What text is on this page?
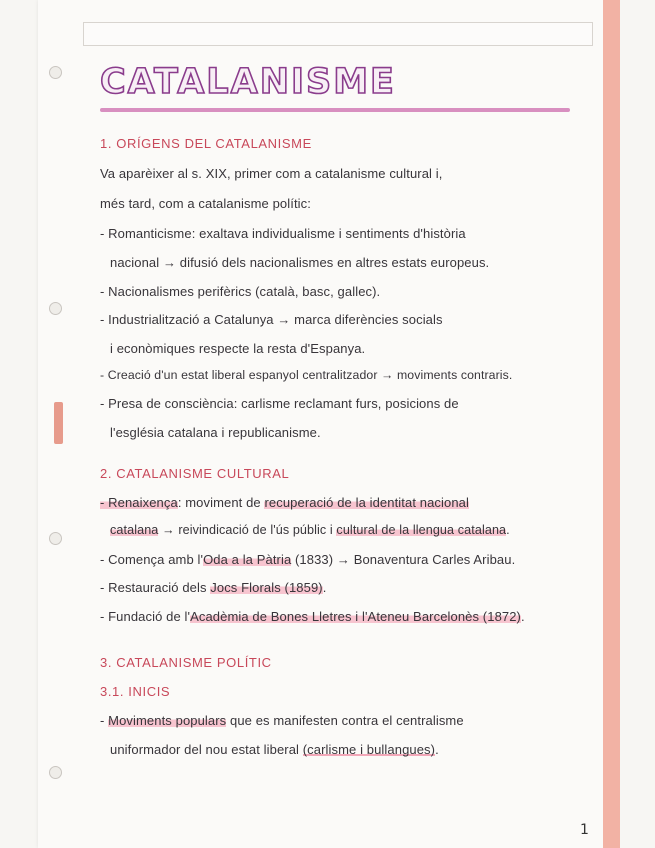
CATALANISME

1. ORÍGENS DEL CATALANISME

Va aparèixer al s. XIX, primer com a catalanisme cultural i,

més tard, com a catalanisme polític:

- Romanticisme: exaltava individualisme i sentiments d'història

nacional → difusió dels nacionalismes en altres estats europeus.

- Nacionalismes perifèrics (català, basc, gallec).

- Industrialització a Catalunya → marca diferències socials

i econòmiques respecte la resta d'Espanya.

- Creació d'un estat liberal espanyol centralitzador → moviments contraris.

- Presa de consciència: carlisme reclamant furs, posicions de

l'església catalana i republicanisme.

2. CATALANISME CULTURAL

- Renaixença: moviment de recuperació de la identitat nacional

catalana → reivindicació de l'ús públic i cultural de la llengua catalana.

- Comença amb l'Oda a la Pàtria (1833) → Bonaventura Carles Aribau.

- Restauració dels Jocs Florals (1859).

- Fundació de l'Acadèmia de Bones Lletres i l'Ateneu Barcelonès (1872).

3. CATALANISME POLÍTIC

3.1. INICIS

- Moviments populars que es manifesten contra el centralisme

uniformador del nou estat liberal (carlisme i bullangues).

1
